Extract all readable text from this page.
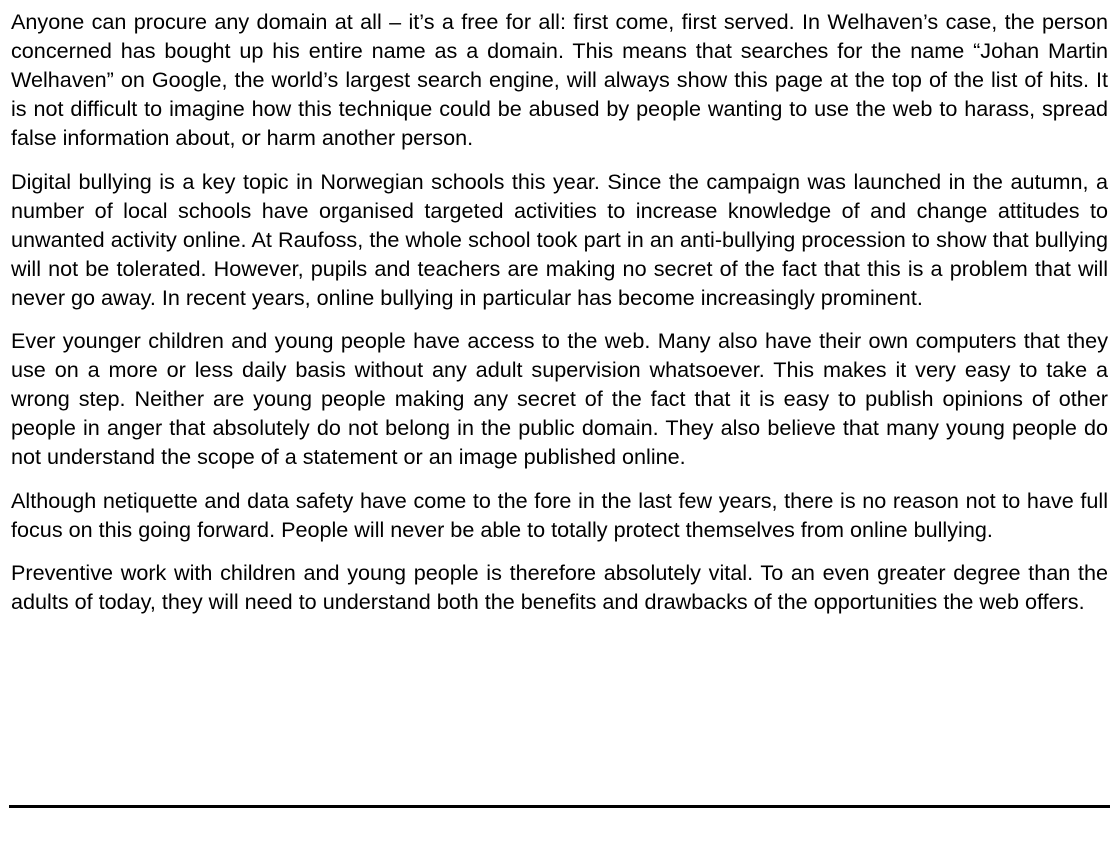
Anyone can procure any domain at all – it’s a free for all: first come, first served. In Welhaven’s case, the person concerned has bought up his entire name as a domain. This means that searches for the name “Johan Martin Welhaven” on Google, the world’s largest search engine, will always show this page at the top of the list of hits. It is not difficult to imagine how this technique could be abused by people wanting to use the web to harass, spread false information about, or harm another person.

Digital bullying is a key topic in Norwegian schools this year. Since the campaign was launched in the autumn, a number of local schools have organised targeted activities to increase knowledge of and change attitudes to unwanted activity online. At Raufoss, the whole school took part in an anti-bullying procession to show that bullying will not be tolerated. However, pupils and teachers are making no secret of the fact that this is a problem that will never go away. In recent years, online bullying in particular has become increasingly prominent.

Ever younger children and young people have access to the web. Many also have their own computers that they use on a more or less daily basis without any adult supervision whatsoever. This makes it very easy to take a wrong step. Neither are young people making any secret of the fact that it is easy to publish opinions of other people in anger that absolutely do not belong in the public domain. They also believe that many young people do not understand the scope of a statement or an image published online.

Although netiquette and data safety have come to the fore in the last few years, there is no reason not to have full focus on this going forward. People will never be able to totally protect themselves from online bullying.

Preventive work with children and young people is therefore absolutely vital. To an even greater degree than the adults of today, they will need to understand both the benefits and drawbacks of the opportunities the web offers.
